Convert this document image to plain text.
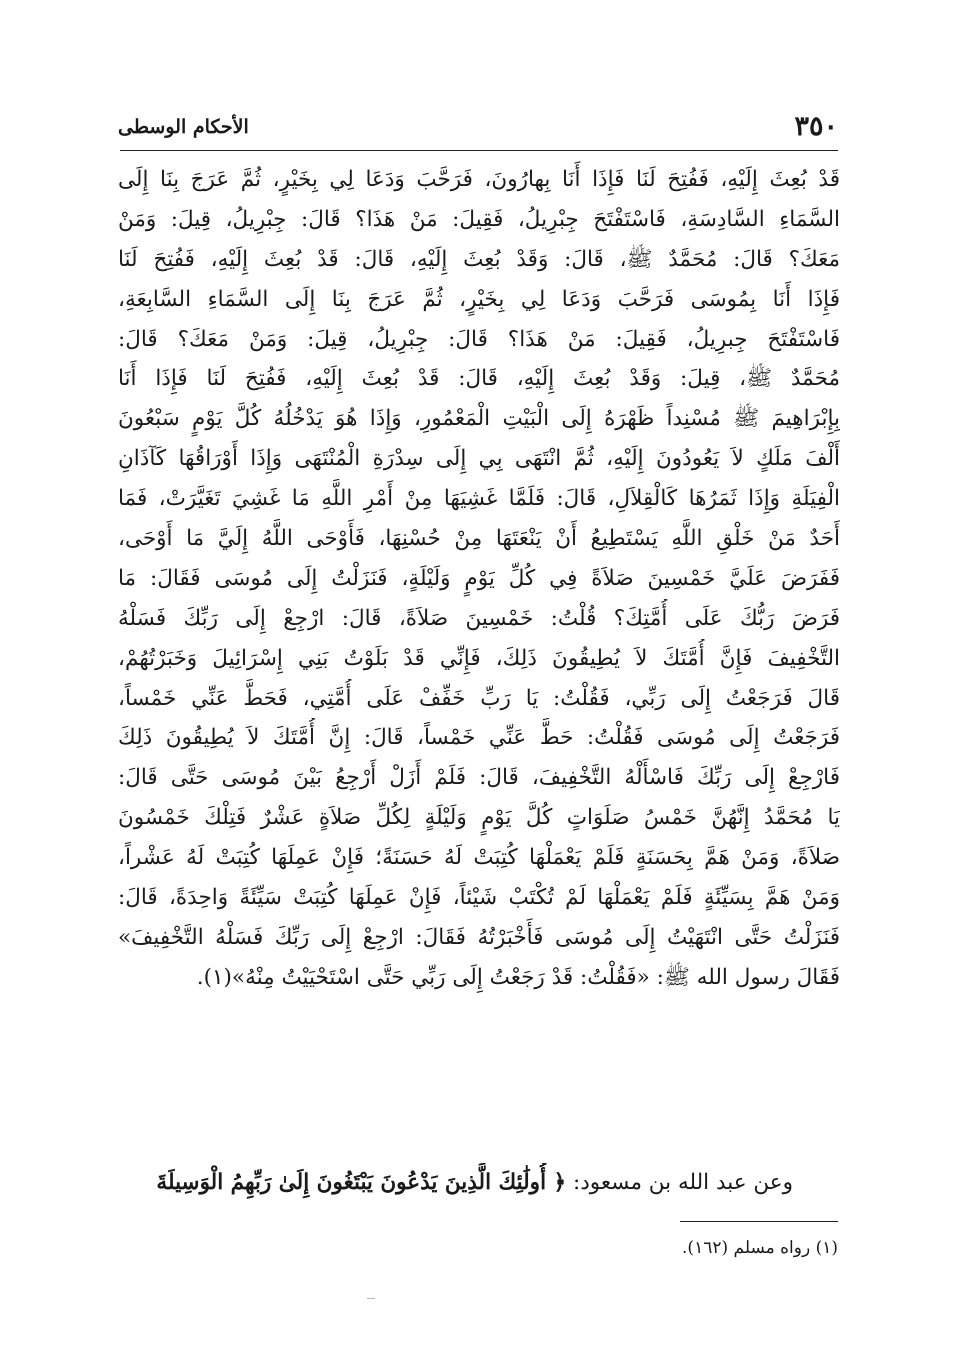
٣٥٠
الأحكام الوسطى
قَدْ بُعِثَ إِلَيْهِ، فَفُتِحَ لَنَا فَإِذَا أَنَا بِهارُونَ، فَرَحَّبَ وَدَعَا لِي بِخَيْرٍ، ثُمَّ عَرَجَ بِنَا إِلَى
السَّمَاءِ السَّادِسَةِ، فَاسْتَفْتَحَ جِبْرِيلُ، فَقِيلَ: مَنْ هَذَا؟ قَالَ: جِبْرِيلُ، قِيلَ: وَمَنْ
مَعَكَ؟ قَالَ: مُحَمَّدٌ ﷺ، قَالَ: وَقَدْ بُعِثَ إِلَيْهِ، قَالَ: قَدْ بُعِثَ إِلَيْهِ، فَفُتِحَ لَنَا
فَإِذَا أَنَا بِمُوسَى فَرَحَّبَ وَدَعَا لِي بِخَيْرٍ، ثُمَّ عَرَجَ بِنَا إِلَى السَّمَاءِ السَّابِعَةِ،
فَاسْتَفْتَحَ جِبرِيلُ، فَقِيلَ: مَنْ هَذَا؟ قَالَ: جِبْرِيلُ، قِيلَ: وَمَنْ مَعَكَ؟ قَالَ:
مُحَمَّدٌ ﷺ، قِيلَ: وَقَدْ بُعِثَ إِلَيْهِ، قَالَ: قَدْ بُعِثَ إِلَيْهِ، فَفُتِحَ لَنَا فَإِذَا أَنَا
بِإِبْرَاهِيمَ ﷺ مُسْنِداً ظَهْرَهُ إِلَى الْبَيْتِ الْمَعْمُورِ، وَإِذَا هُوَ يَدْخُلُهُ كُلَّ يَوْمٍ سَبْعُونَ
أَلْفَ مَلَكٍ لاَ يَعُودُونَ إِلَيْهِ، ثُمَّ انْتَهَى بِي إِلَى سِدْرَةِ الْمُنْتَهَى وَإِذَا أَوْرَاقُهَا كَآذَانِ
الْفِيَلَةِ وَإِذَا ثَمَرُهَا كَالْقِلاَلِ، قَالَ: فَلَمَّا غَشِيَهَا مِنْ أَمْرِ اللَّهِ مَا غَشِيَ تَغَيَّرَتْ، فَمَا
أَحَدٌ مَنْ خَلْقِ اللَّهِ يَسْتَطِيعُ أَنْ يَنْعَتَهَا مِنْ حُسْنِهَا، فَأَوْحَى اللَّهُ إِلَيَّ مَا أَوْحَى،
فَفَرَضَ عَلَيَّ خَمْسِينَ صَلاَةً فِي كُلِّ يَوْمٍ وَلَيْلَةٍ، فَنَزَلْتُ إِلَى مُوسَى فَقَالَ: مَا
فَرَضَ رَبُّكَ عَلَى أُمَّتِكَ؟ قُلْتُ: خَمْسِينَ صَلاَةً، قَالَ: ارْجِعْ إِلَى رَبِّكَ فَسَلْهُ
التَّخْفِيفَ فَإِنَّ أُمَّتَكَ لاَ يُطِيقُونَ ذَلِكَ، فَإِنِّي قَدْ بَلَوْتُ بَنِي إِسْرَائِيلَ وَخَبَرْتُهُمْ،
قَالَ فَرَجَعْتُ إِلَى رَبِّي، فَقُلْتُ: يَا رَبِّ خَفِّفْ عَلَى أُمَّتِي، فَحَطَّ عَنِّي خَمْساً،
فَرَجَعْتُ إِلَى مُوسَى فَقُلْتُ: حَطَّ عَنِّي خَمْساً، قَالَ: إِنَّ أُمَّتَكَ لاَ يُطِيقُونَ ذَلِكَ
فَارْجِعْ إِلَى رَبِّكَ فَاسْأَلْهُ التَّخْفِيفَ، قَالَ: فَلَمْ أَزَلْ أَرْجِعُ بَيْنَ مُوسَى حَتَّى قَالَ:
يَا مُحَمَّدُ إِنَّهُنَّ خَمْسُ صَلَوَاتٍ كُلَّ يَوْمٍ وَلَيْلَةٍ لِكُلِّ صَلاَةٍ عَشْرٌ فَتِلْكَ خَمْسُونَ
صَلاَةً، وَمَنْ هَمَّ بِحَسَنَةٍ فَلَمْ يَعْمَلْهَا كُتِبَتْ لَهُ حَسَنَةً؛ فَإِنْ عَمِلَهَا كُتِبَتْ لَهُ عَشْراً،
وَمَنْ هَمَّ بِسَيِّئَةٍ فَلَمْ يَعْمَلْهَا لَمْ تُكْتَبْ شَيْئاً، فَإِنْ عَمِلَهَا كُتِبَتْ سَيِّئَةً وَاحِدَةً، قَالَ:
فَنَزَلْتُ حَتَّى انْتَهَيْتُ إِلَى مُوسَى فَأَخْبَرْتُهُ فَقَالَ: ارْجِعْ إِلَى رَبِّكَ فَسَلْهُ التَّخْفِيفَ»
فَقَالَ رسول الله ﷺ: «فَقُلْتُ: قَدْ رَجَعْتُ إِلَى رَبِّي حَتَّى اسْتَحْيَيْتُ مِنْهُ»(١).
وعن عبد الله بن مسعود: ﴿ أُولَٰئِكَ الَّذِينَ يَدْعُونَ يَبْتَغُونَ إِلَىٰ رَبِّهِمُ الْوَسِيلَةَ
(١) رواه مسلم (١٦٢).
